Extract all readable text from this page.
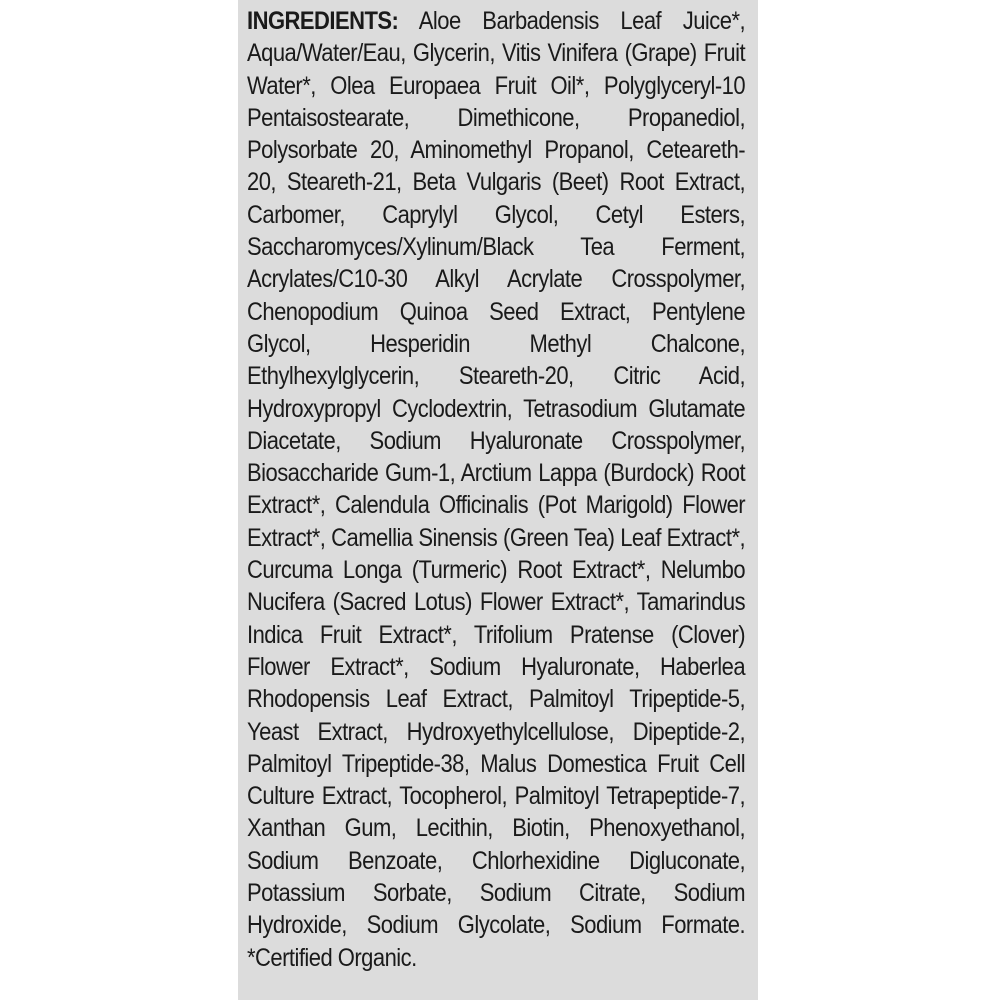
INGREDIENTS: Aloe Barbadensis Leaf Juice*, Aqua/Water/Eau, Glycerin, Vitis Vinifera (Grape) Fruit Water*, Olea Europaea Fruit Oil*, Polyglyceryl-10 Pentaisostearate, Dimethicone, Propanediol, Polysorbate 20, Aminomethyl Propanol, Ceteareth-20, Steareth-21, Beta Vulgaris (Beet) Root Extract, Carbomer, Caprylyl Glycol, Cetyl Esters, Saccharomyces/Xylinum/Black Tea Ferment, Acrylates/C10-30 Alkyl Acrylate Crosspolymer, Chenopodium Quinoa Seed Extract, Pentylene Glycol, Hesperidin Methyl Chalcone, Ethylhexylglycerin, Steareth-20, Citric Acid, Hydroxypropyl Cyclodextrin, Tetrasodium Glutamate Diacetate, Sodium Hyaluronate Crosspolymer, Biosaccharide Gum-1, Arctium Lappa (Burdock) Root Extract*, Calendula Officinalis (Pot Marigold) Flower Extract*, Camellia Sinensis (Green Tea) Leaf Extract*, Curcuma Longa (Turmeric) Root Extract*, Nelumbo Nucifera (Sacred Lotus) Flower Extract*, Tamarindus Indica Fruit Extract*, Trifolium Pratense (Clover) Flower Extract*, Sodium Hyaluronate, Haberlea Rhodopensis Leaf Extract, Palmitoyl Tripeptide-5, Yeast Extract, Hydroxyethylcellulose, Dipeptide-2, Palmitoyl Tripeptide-38, Malus Domestica Fruit Cell Culture Extract, Tocopherol, Palmitoyl Tetrapeptide-7, Xanthan Gum, Lecithin, Biotin, Phenoxyethanol, Sodium Benzoate, Chlorhexidine Digluconate, Potassium Sorbate, Sodium Citrate, Sodium Hydroxide, Sodium Glycolate, Sodium Formate. *Certified Organic.
